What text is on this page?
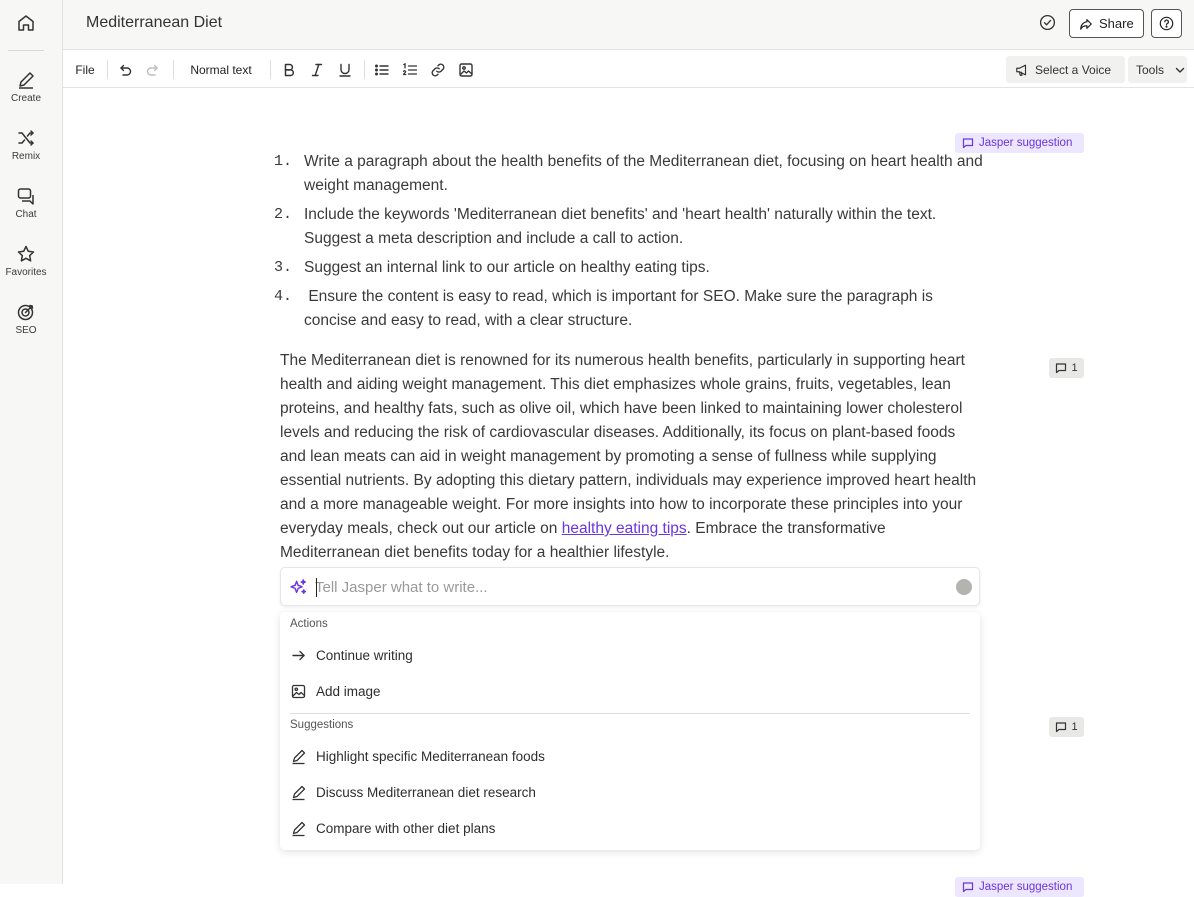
Create
Remix
Chat
Favorites
SEO
Mediterranean Diet	Share
File	Normal text	Select a Voice Tools
Jasper suggestion
1. Write a paragraph about the health benefits of the Mediterranean diet, focusing on heart health and weight management.
2. Include the keywords 'Mediterranean diet benefits' and 'heart health' naturally within the text. Suggest a meta description and include a call to action.
3. Suggest an internal link to our article on healthy eating tips.
4. Ensure the content is easy to read, which is important for SEO. Make sure the paragraph is concise and easy to read, with a clear structure.
1

The Mediterranean diet is renowned for its numerous health benefits, particularly in supporting heart health and aiding weight management. This diet emphasizes whole grains, fruits, vegetables, lean proteins, and healthy fats, such as olive oil, which have been linked to maintaining lower cholesterol levels and reducing the risk of cardiovascular diseases. Additionally, its focus on plant-based foods and lean meats can aid in weight management by promoting a sense of fullness while supplying essential nutrients. By adopting this dietary pattern, individuals may experience improved heart health and a more manageable weight. For more insights into how to incorporate these principles into your everyday meals, check out our article on healthy eating tips. Embrace the transformative Mediterranean diet benefits today for a healthier lifestyle.

Tell Jasper what to write...
Actions
Continue writing
Add image
Suggestions
Highlight specific Mediterranean foods
Discuss Mediterranean diet research
Compare with other diet plans
1
Jasper suggestion
